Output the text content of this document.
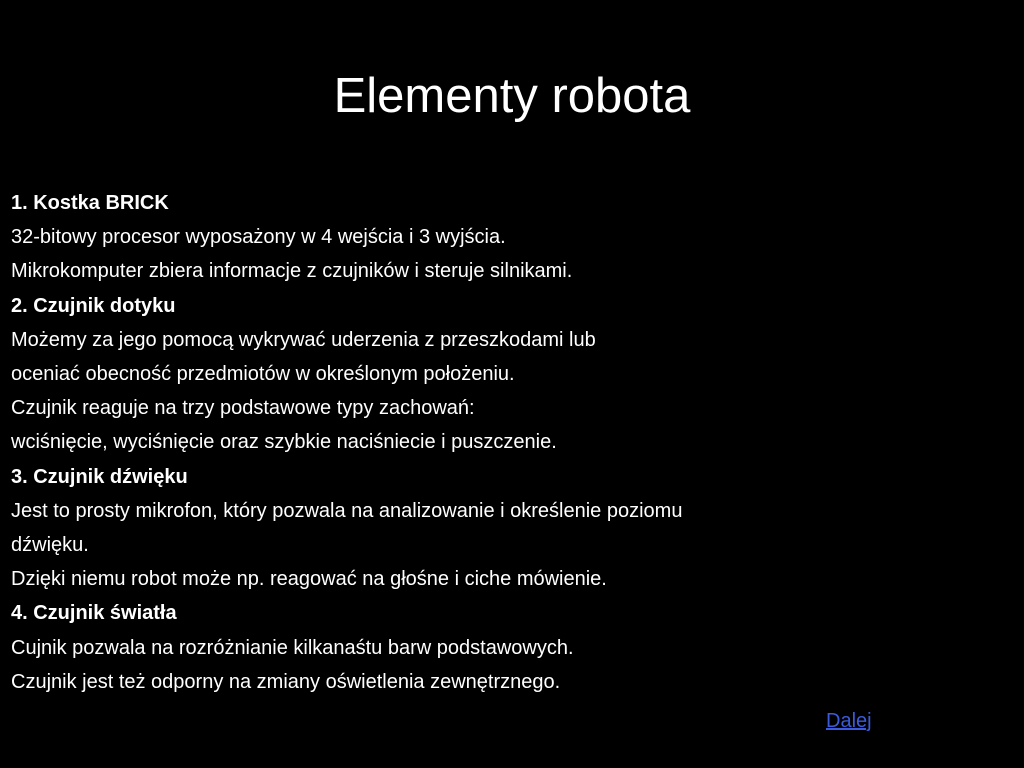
Elementy robota
1. Kostka BRICK
32-bitowy procesor wyposażony w 4 wejścia i 3 wyjścia.
Mikrokomputer zbiera informacje z czujników i steruje silnikami.
2. Czujnik dotyku
Możemy za jego pomocą wykrywać uderzenia z przeszkodami lub
oceniać obecność przedmiotów w określonym położeniu.
Czujnik reaguje na trzy podstawowe typy zachowań:
wciśnięcie, wyciśnięcie oraz szybkie naciśniecie i puszczenie.
3. Czujnik dźwięku
Jest to prosty mikrofon, który pozwala na analizowanie i określenie poziomu
dźwięku.
Dzięki niemu robot może np. reagować na głośne i ciche mówienie.
4. Czujnik światła
Cujnik pozwala na rozróżnianie kilkanaśtu barw podstawowych.
Czujnik jest też odporny na zmiany oświetlenia zewnętrznego.
Dalej
